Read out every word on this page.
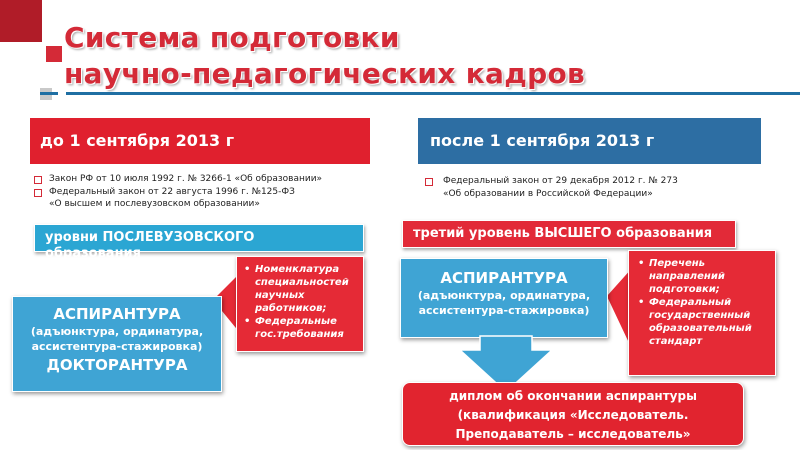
Система подготовки
научно-педагогических кадров
до 1 сентября 2013 г	после 1 сентября 2013 г
Закон РФ от 10 июля 1992 г. № 3266-1 «Об образовании»
Федеральный закон от 22 августа 1996 г. №125-ФЗ
«О высшем и послевузовском образовании»
Федеральный закон от 29 декабря 2012 г. № 273
«Об образовании в Российской Федерации»
уровни ПОСЛЕВУЗОВСКОГО образования
третий уровень ВЫСШЕГО образования
• Номенклатура специальностей научных работников;
• Федеральные гос.требования
• Перечень направлений подготовки;
• Федеральный государственный образовательный стандарт
АСПИРАНТУРА
(адъюнктура, ординатура,
ассистентура-стажировка)
ДОКТОРАНТУРА
АСПИРАНТУРА
(адъюнктура, ординатура,
ассистентура-стажировка)
диплом об окончании аспирантуры
(квалификация «Исследователь.
Преподаватель – исследователь»
